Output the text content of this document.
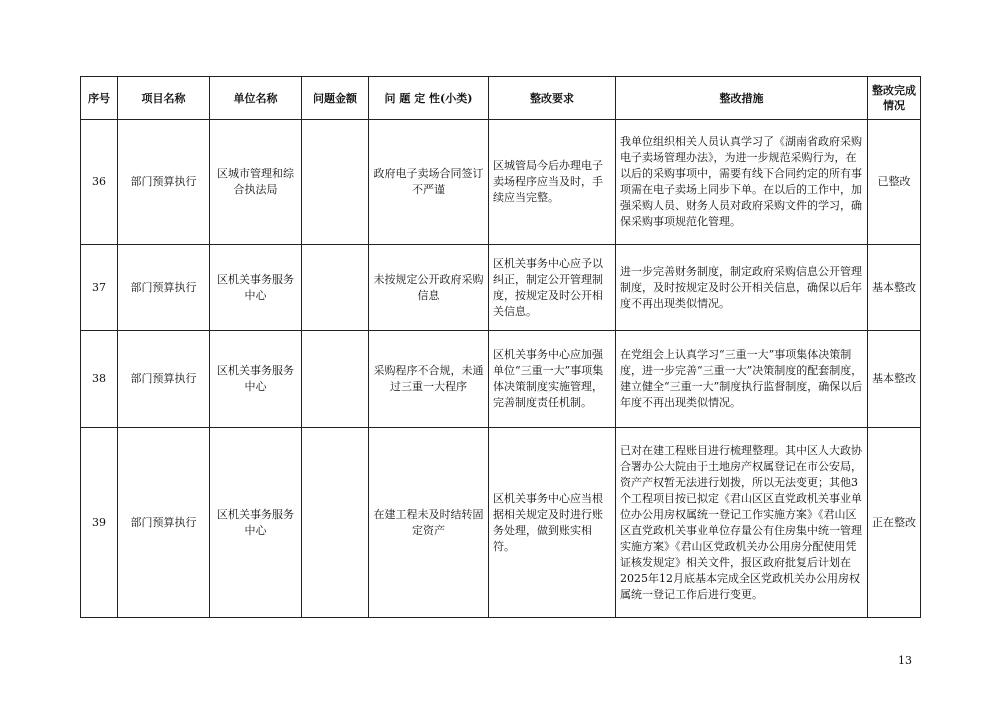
序号	项目名称	单位名称	问题金额	问 题 定 性(小类)	整改要求	整改措施	整改完成情况
36	部门预算执行	区城市管理和综合执法局		政府电子卖场合同签订不严谨	区城管局今后办理电子卖场程序应当及时，手续应当完整。	我单位组织相关人员认真学习了《湖南省政府采购电子卖场管理办法》，为进一步规范采购行为，在以后的采购事项中，需要有线下合同约定的所有事项需在电子卖场上同步下单。在以后的工作中，加强采购人员、财务人员对政府采购文件的学习，确保采购事项规范化管理。	已整改
37	部门预算执行	区机关事务服务中心		未按规定公开政府采购信息	区机关事务中心应予以纠正，制定公开管理制度，按规定及时公开相关信息。	进一步完善财务制度，制定政府采购信息公开管理制度，及时按规定及时公开相关信息，确保以后年度不再出现类似情况。	基本整改
38	部门预算执行	区机关事务服务中心		采购程序不合规，未通过三重一大程序	区机关事务中心应加强单位“三重一大”事项集体决策制度实施管理，完善制度责任机制。	在党组会上认真学习“三重一大”事项集体决策制度，进一步完善“三重一大”决策制度的配套制度，建立健全“三重一大”制度执行监督制度，确保以后年度不再出现类似情况。	基本整改
39	部门预算执行	区机关事务服务中心		在建工程未及时结转固定资产	区机关事务中心应当根据相关规定及时进行账务处理，做到账实相符。	已对在建工程账目进行梳理整理。其中区人大政协合署办公大院由于土地房产权属登记在市公安局，资产产权暂无法进行划拨，所以无法变更；其他3个工程项目按已拟定《君山区区直党政机关事业单位办公用房权属统一登记工作实施方案》《君山区区直党政机关事业单位存量公有住房集中统一管理实施方案》《君山区党政机关办公用房分配使用凭证核发规定》相关文件，报区政府批复后计划在2025年12月底基本完成全区党政机关办公用房权属统一登记工作后进行变更。	正在整改
13
